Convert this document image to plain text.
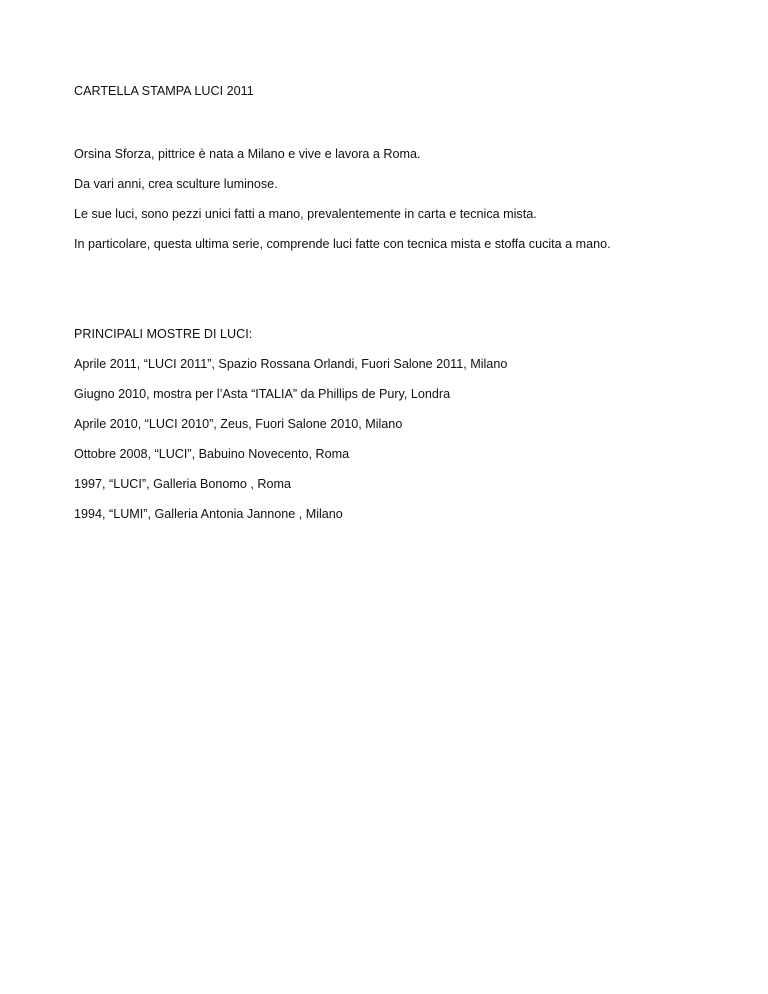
CARTELLA STAMPA LUCI 2011
Orsina Sforza, pittrice è nata a Milano e vive e lavora a Roma.
Da vari anni, crea sculture luminose.
Le sue luci, sono pezzi unici fatti a mano, prevalentemente in carta e tecnica mista.
In particolare, questa ultima serie, comprende luci fatte con tecnica mista e stoffa cucita a mano.
PRINCIPALI MOSTRE DI LUCI:
Aprile 2011, “LUCI 2011”, Spazio Rossana Orlandi, Fuori Salone 2011, Milano
Giugno 2010, mostra per l’Asta “ITALIA” da Phillips de Pury, Londra
Aprile 2010, “LUCI 2010”, Zeus, Fuori Salone 2010, Milano
Ottobre 2008, “LUCI”, Babuino Novecento, Roma
1997, “LUCI”, Galleria Bonomo , Roma
1994, “LUMI”, Galleria Antonia Jannone , Milano
